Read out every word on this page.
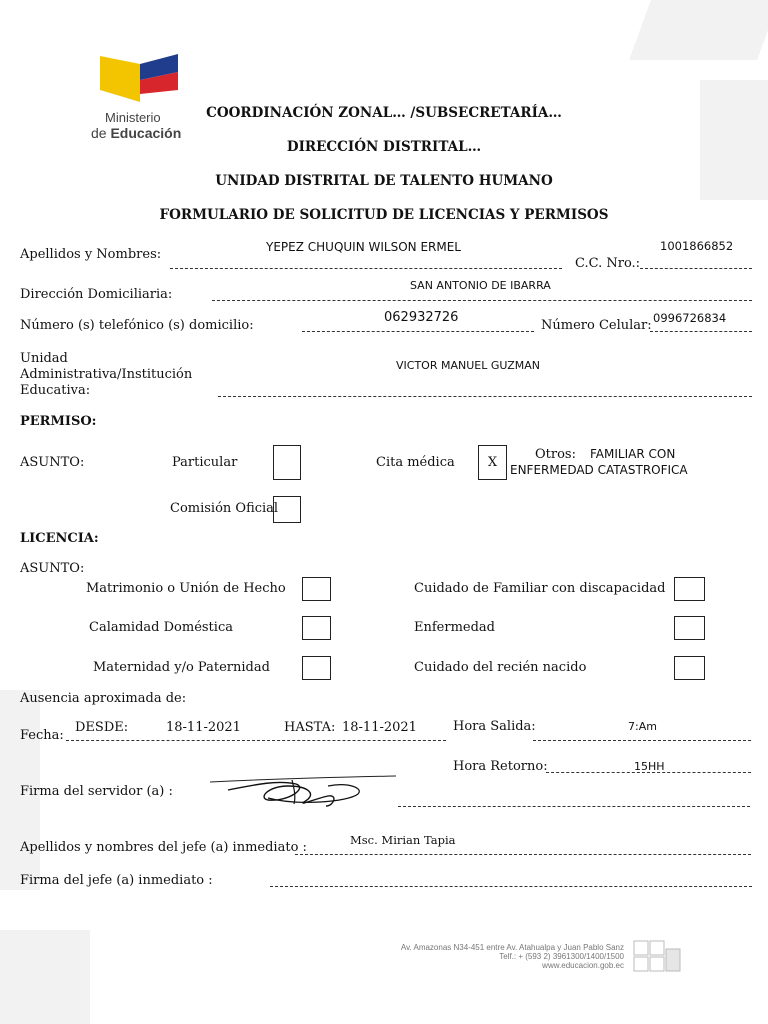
Ministerio
de Educación
COORDINACIÓN ZONAL… /SUBSECRETARÍA…
DIRECCIÓN DISTRITAL…
UNIDAD DISTRITAL DE TALENTO HUMANO
FORMULARIO DE SOLICITUD DE LICENCIAS Y PERMISOS
Apellidos y Nombres:	YEPEZ CHUQUIN WILSON ERMEL
C.C. Nro.:
1001866852
Dirección Domiciliaria:
SAN ANTONIO DE IBARRA
Número (s) telefónico (s) domicilio:
062932726
Número Celular: 0996726834
Unidad
Administrativa/Institución
Educativa:
VICTOR MANUEL GUZMAN
PERMISO:
ASUNTO:	Particular	Cita médica	X
Otros: FAMILIAR CON
ENFERMEDAD CATASTROFICA
Comisión Oficial
LICENCIA:
ASUNTO:
Matrimonio o Unión de Hecho	Cuidado de Familiar con discapacidad
Calamidad Doméstica	Enfermedad
Maternidad y/o Paternidad	Cuidado del recién nacido
Ausencia aproximada de:
Fecha:
DESDE:	18-11-2021	HASTA: 18-11-2021	Hora Salida:	7:Am
Hora Retorno:	15HH
Firma del servidor (a) :
Apellidos y nombres del jefe (a) inmediato :	Msc. Mirian Tapia
Firma del jefe (a) inmediato :
Av. Amazonas N34-451 entre Av. Atahualpa y Juan Pablo Sanz
Telf.: + (593 2) 3961300/1400/1500
www.educacion.gob.ec
